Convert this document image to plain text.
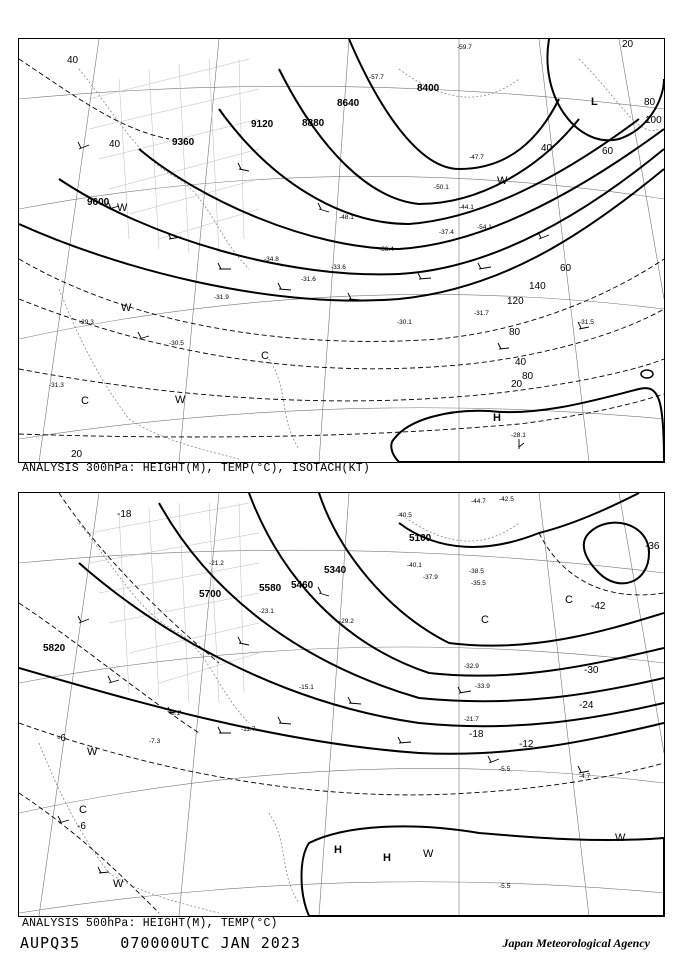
9600
9360
9120	8880
8640
8400
40
40
80
120
140
20
40
60
80
100
20
40	60
80
20
H
L
C
W
W
W
C
W
-29.3
-31.3
-30.5
-31.9
-30.1	-31.5
-28.1
-31.6
-33.6
-34.8
-36.4
-37.4
-44.1
-48.1
-57.7
-59.7
-47.7
-50.1
-54.1
-31.7
ANALYSIS 300hPa: HEIGHT(M), TEMP(°C), ISOTACH(KT)
5820
5700
5580 5460
5340
5100
-18
-6
-12
-18
-24
-30
-36
-42
-6
H
H	W
W
C
W
C
W
C
-5.5
-4.7
-7.3
-9.1
-11.7
-15.1
-21.2
-23.1
-21.7
-29.2
-32.9
-33.9
-35.5
-38.5
-40.1
-40.5
-42.5
-44.7
-37.9
-5.5
ANALYSIS 500hPa: HEIGHT(M), TEMP(°C)
AUPQ35    070000UTC JAN 2023	Japan Meteorological Agency
